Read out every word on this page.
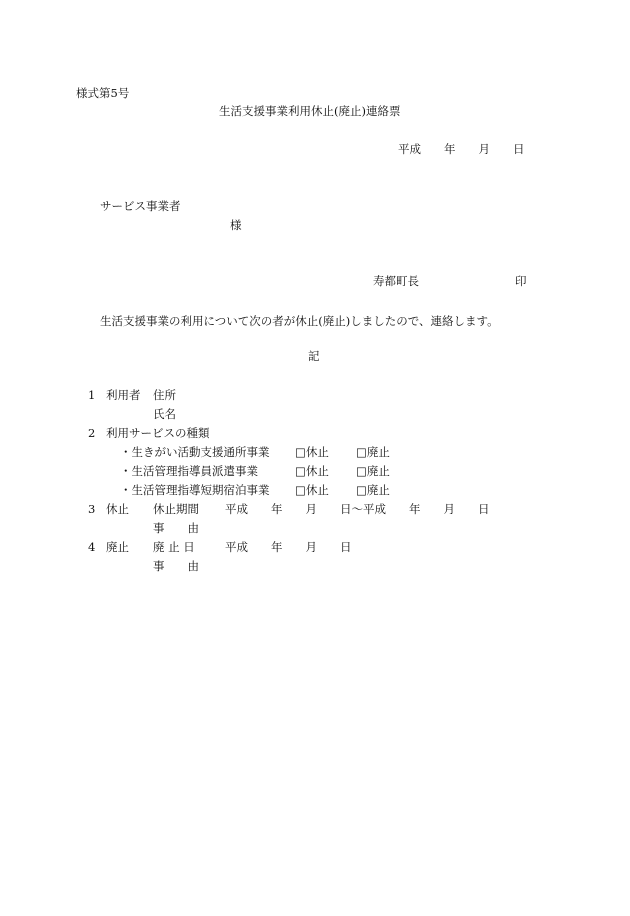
様式第5号
生活支援事業利用休止(廃止)連絡票
平成　　年　　月　　日
サービス事業者
様
寿都町長	印
生活支援事業の利用について次の者が休止(廃止)しましたので、連絡します。
記
1 利用者 住所
氏名
2 利用サービスの種類
・生きがい活動支援通所事業 □休止 □廃止
・生活管理指導員派遣事業	□休止 □廃止
・生活管理指導短期宿泊事業 □休止 □廃止
3 休止 休止期間 平成　　年　　月　　日～平成　　年　　月　　日
事　　由
4 廃止 廃 止 日	平成　　年　　月　　日
事　　由
